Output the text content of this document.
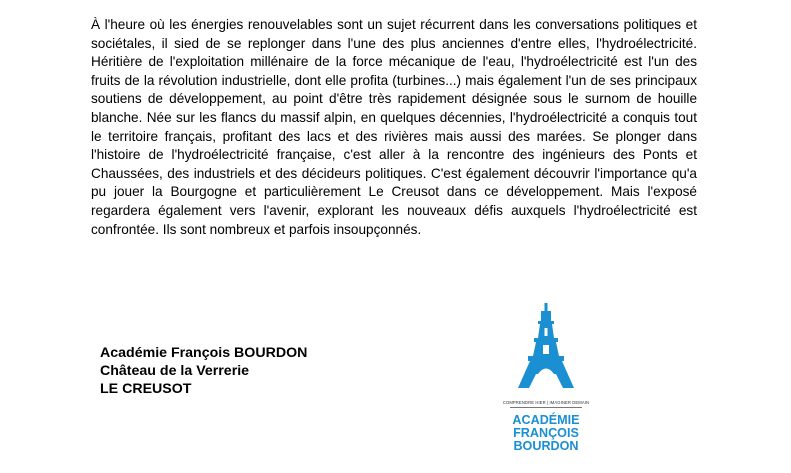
À l'heure où les énergies renouvelables sont un sujet récurrent dans les conversations politiques et sociétales, il sied de se replonger dans l'une des plus anciennes d'entre elles, l'hydroélectricité. Héritière de l'exploitation millénaire de la force mécanique de l'eau, l'hydroélectricité est l'un des fruits de la révolution industrielle, dont elle profita (turbines...) mais également l'un de ses principaux soutiens de développement, au point d'être très rapidement désignée sous le surnom de houille blanche. Née sur les flancs du massif alpin, en quelques décennies, l'hydroélectricité a conquis tout le territoire français, profitant des lacs et des rivières mais aussi des marées. Se plonger dans l'histoire de l'hydroélectricité française, c'est aller à la rencontre des ingénieurs des Ponts et Chaussées, des industriels et des décideurs politiques. C'est également découvrir l'importance qu'a pu jouer la Bourgogne et particulièrement Le Creusot dans ce développement. Mais l'exposé regardera également vers l'avenir, explorant les nouveaux défis auxquels l'hydroélectricité est confrontée. Ils sont nombreux et parfois insoupçonnés.

Académie François BOURDON
Château de la Verrerie
LE CREUSOT
COMPRENDRE HIER | IMAGINER DEMAIN
ACADÉMIE
FRANÇOIS
BOURDON
